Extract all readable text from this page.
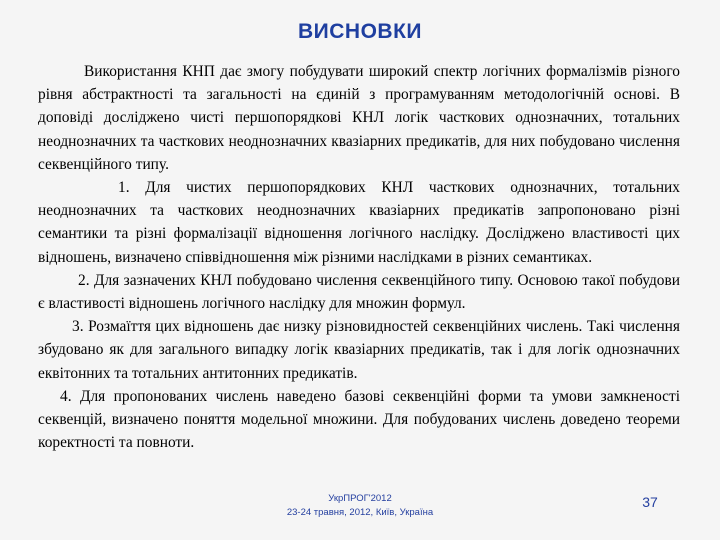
ВИСНОВКИ

Використання КНП дає змогу побудувати широкий спектр логічних формалізмів різного рівня абстрактності та загальності на єдиній з програмуванням методологічній основі. В доповіді досліджено чисті першопорядкові КНЛ логік часткових однозначних, тотальних неоднозначних та часткових неоднозначних квазіарних предикатів, для них побудовано числення секвенційного типу.

1. Для чистих першопорядкових КНЛ часткових однозначних, тотальних неоднозначних та часткових неоднозначних квазіарних предикатів запропоновано різні семантики та різні формалізації відношення логічного наслідку. Досліджено властивості цих відношень, визначено співвідношення між різними наслідками в різних семантиках.

2. Для зазначених КНЛ побудовано числення секвенційного типу. Основою такої побудови є властивості відношень логічного наслідку для множин формул.

3. Розмаїття цих відношень дає низку різновидностей секвенційних числень. Такі числення збудовано як для загального випадку логік квазіарних предикатів, так і для логік однозначних еквітонних та тотальних антитонних предикатів.

4. Для пропонованих числень наведено базові секвенційні форми та умови замкненості секвенцій, визначено поняття модельної множини. Для побудованих числень доведено теореми коректності та повноти.

УкрПРОГ'2012
23-24 травня, 2012, Київ, Україна
37
